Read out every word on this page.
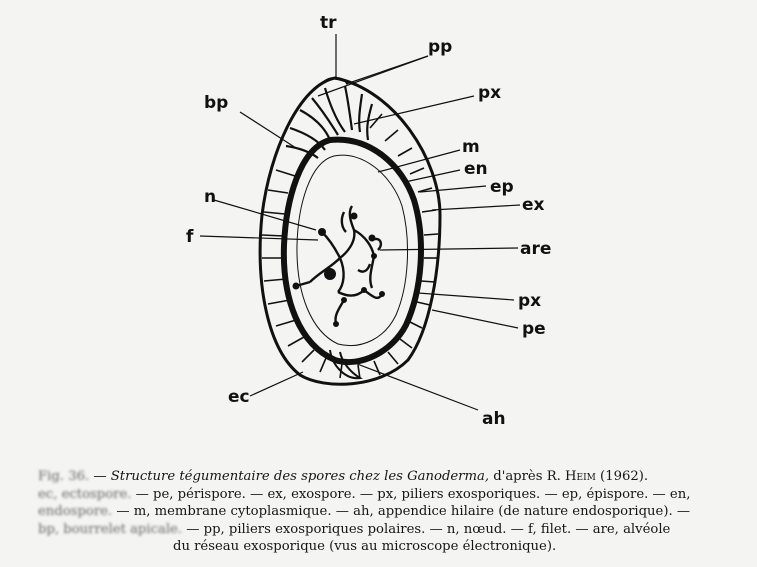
tr
pp
px
bp
m
en
ep
ex
n
f
are
px
pe
ec
ah

Fig. 36. — Structure tégumentaire des spores chez les Ganoderma, d'après R. Heim (1962).

ec, ectospore. — pe, périspore. — ex, exospore. — px, piliers exosporiques. — ep, épispore. — en,

endospore. — m, membrane cytoplasmique. — ah, appendice hilaire (de nature endosporique). —

bp, bourrelet apicale. — pp, piliers exosporiques polaires. — n, nœud. — f, filet. — are, alvéole

du réseau exosporique (vus au microscope électronique).
